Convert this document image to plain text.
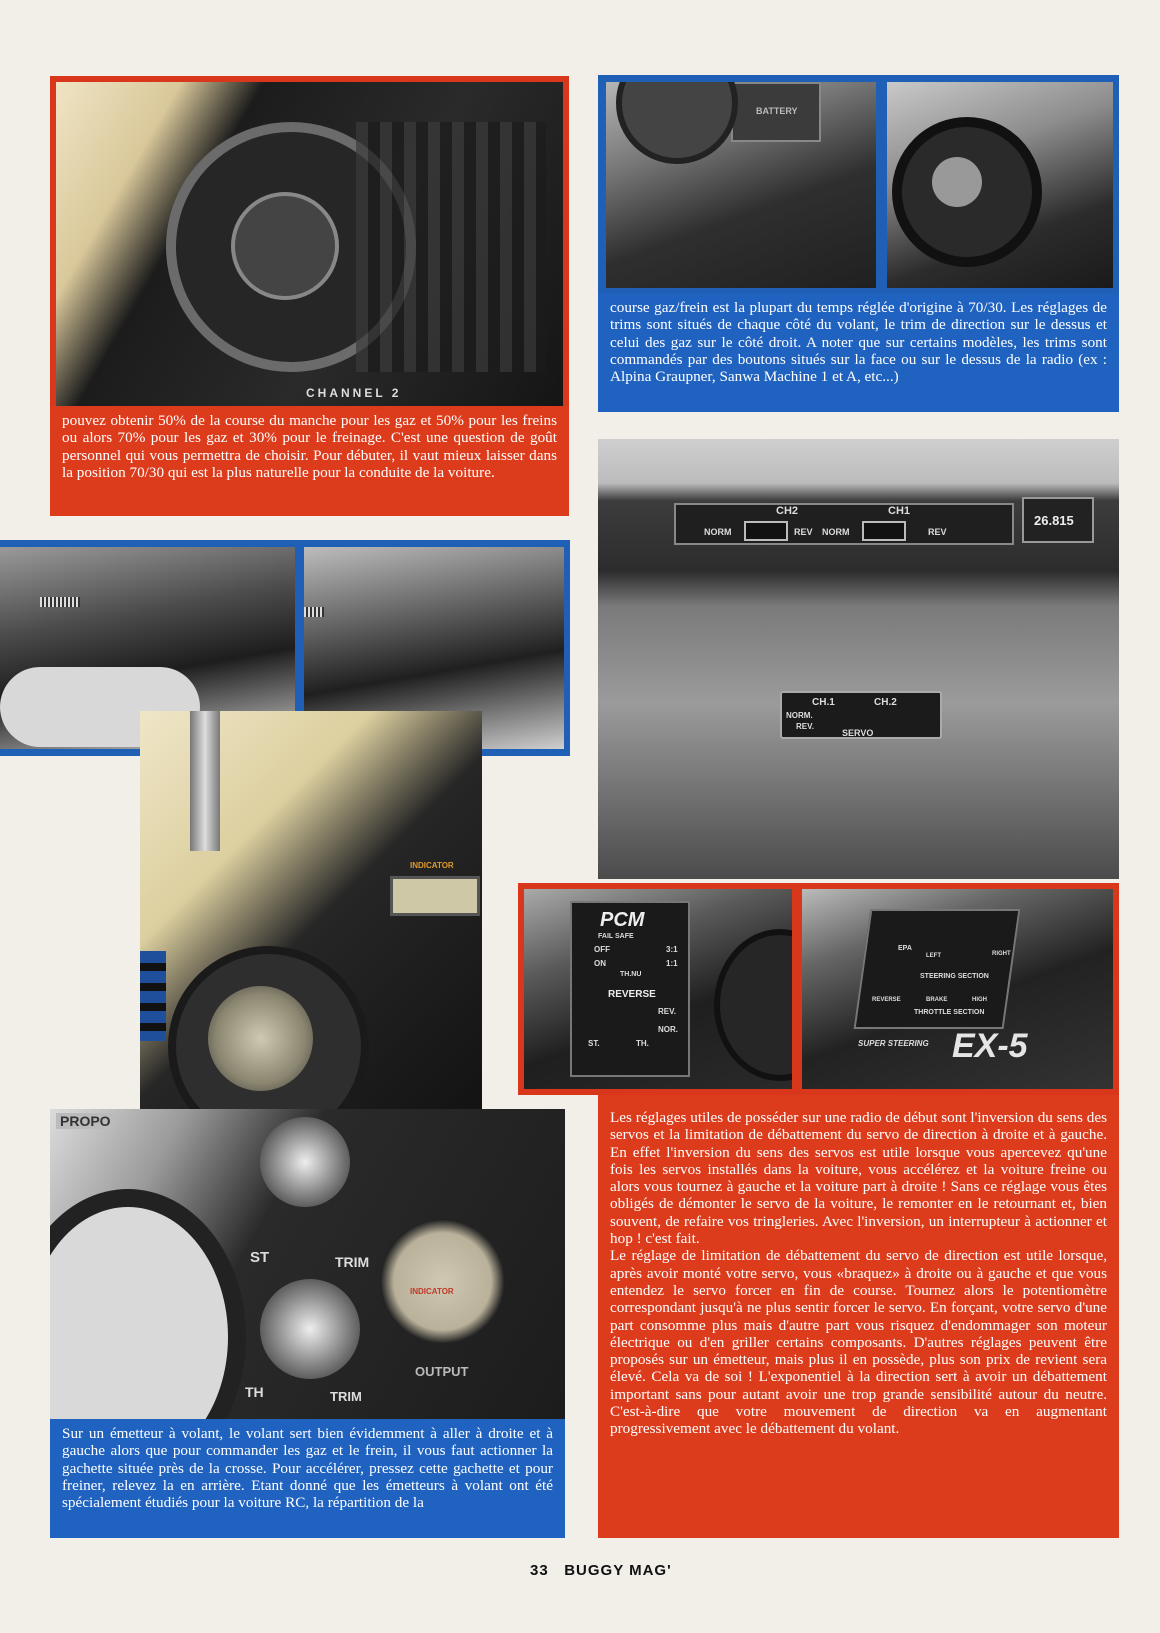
CHANNEL 2
pouvez obtenir 50% de la course du manche pour les gaz et 50% pour les freins ou alors 70% pour les gaz et 30% pour le freinage. C'est une question de goût personnel qui vous permettra de choisir. Pour débuter, il vaut mieux laisser dans la position 70/30 qui est la plus naturelle pour la conduite de la voiture.
BATTERY
course gaz/frein est la plupart du temps réglée d'origine à 70/30. Les réglages de trims sont situés de chaque côté du volant, le trim de direction sur le dessus et celui des gaz sur le côté droit. A noter que sur certains modèles, les trims sont commandés par des boutons situés sur la face ou sur le dessus de la radio (ex : Alpina Graupner, Sanwa Machine 1 et A, etc...)
INDICATOR
PROPO
ST	TRIM
TH	TRIM
INDICATOR
OUTPUT
Sur un émetteur à volant, le volant sert bien évidemment à aller à droite et à gauche alors que pour commander les gaz et le frein, il vous faut actionner la gachette située près de la crosse. Pour accélérer, pressez cette gachette et pour freiner, relevez la en arrière. Etant donné que les émetteurs à volant ont été spécialement étudiés pour la voiture RC, la répartition de la
CH2	CH1
NORM	REV NORM	REV
26.815
CH.1	CH.2
NORM.
REV.
SERVO
PCM
FAIL SAFE
OFF
ON
TH.NU
3:1
1:1
REVERSE
REV.
NOR.
ST.	TH.
EPA
LEFT	RIGHT
STEERING SECTION
REVERSE	BRAKE	HIGH
THROTTLE SECTION
SUPER STEERING EX-5
Les réglages utiles de posséder sur une radio de début sont l'inversion du sens des servos et la limitation de débattement du servo de direction à droite et à gauche. En effet l'inversion du sens des servos est utile lorsque vous apercevez qu'une fois les servos installés dans la voiture, vous accélérez et la voiture freine ou alors vous tournez à gauche et la voiture part à droite ! Sans ce réglage vous êtes obligés de démonter le servo de la voiture, le remonter en le retournant et, bien souvent, de refaire vos tringleries. Avec l'inversion, un interrupteur à actionner et hop ! c'est fait.
Le réglage de limitation de débattement du servo de direction est utile lorsque, après avoir monté votre servo, vous «braquez» à droite ou à gauche et que vous entendez le servo forcer en fin de course. Tournez alors le potentiomètre correspondant jusqu'à ne plus sentir forcer le servo. En forçant, votre servo d'une part consomme plus mais d'autre part vous risquez d'endommager son moteur électrique ou d'en griller certains composants. D'autres réglages peuvent être proposés sur un émetteur, mais plus il en possède, plus son prix de revient sera élevé. Cela va de soi ! L'exponentiel à la direction sert à avoir un débattement important sans pour autant avoir une trop grande sensibilité autour du neutre. C'est-à-dire que votre mouvement de direction va en augmentant progressivement avec le débattement du volant.
33 BUGGY MAG'
